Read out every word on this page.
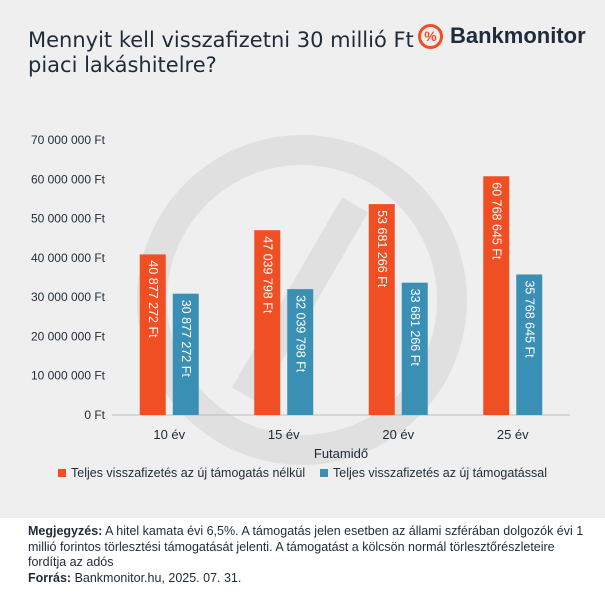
Mennyit kell visszafizetni 30 millió Ft piaci lakáshitelre?
% Bankmonitor
0 Ft
10 000 000 Ft
20 000 000 Ft
30 000 000 Ft
40 000 000 Ft
50 000 000 Ft
60 000 000 Ft
70 000 000 Ft
10 év	15 év	20 év	25 év
40 877 272 Ft	47 039 798 Ft	53 681 266 Ft	60 768 645 Ft
30 877 272 Ft	32 039 798 Ft	33 681 266 Ft	35 768 645 Ft
Futamidő
Teljes visszafizetés az új támogatás nélkül Teljes visszafizetés az új támogatással
Megjegyzés: A hitel kamata évi 6,5%. A támogatás jelen esetben az állami szférában dolgozók évi 1 millió forintos törlesztési támogatását jelenti. A támogatást a kölcsön normál törlesztőrészleteire fordítja az adós
Forrás: Bankmonitor.hu, 2025. 07. 31.
